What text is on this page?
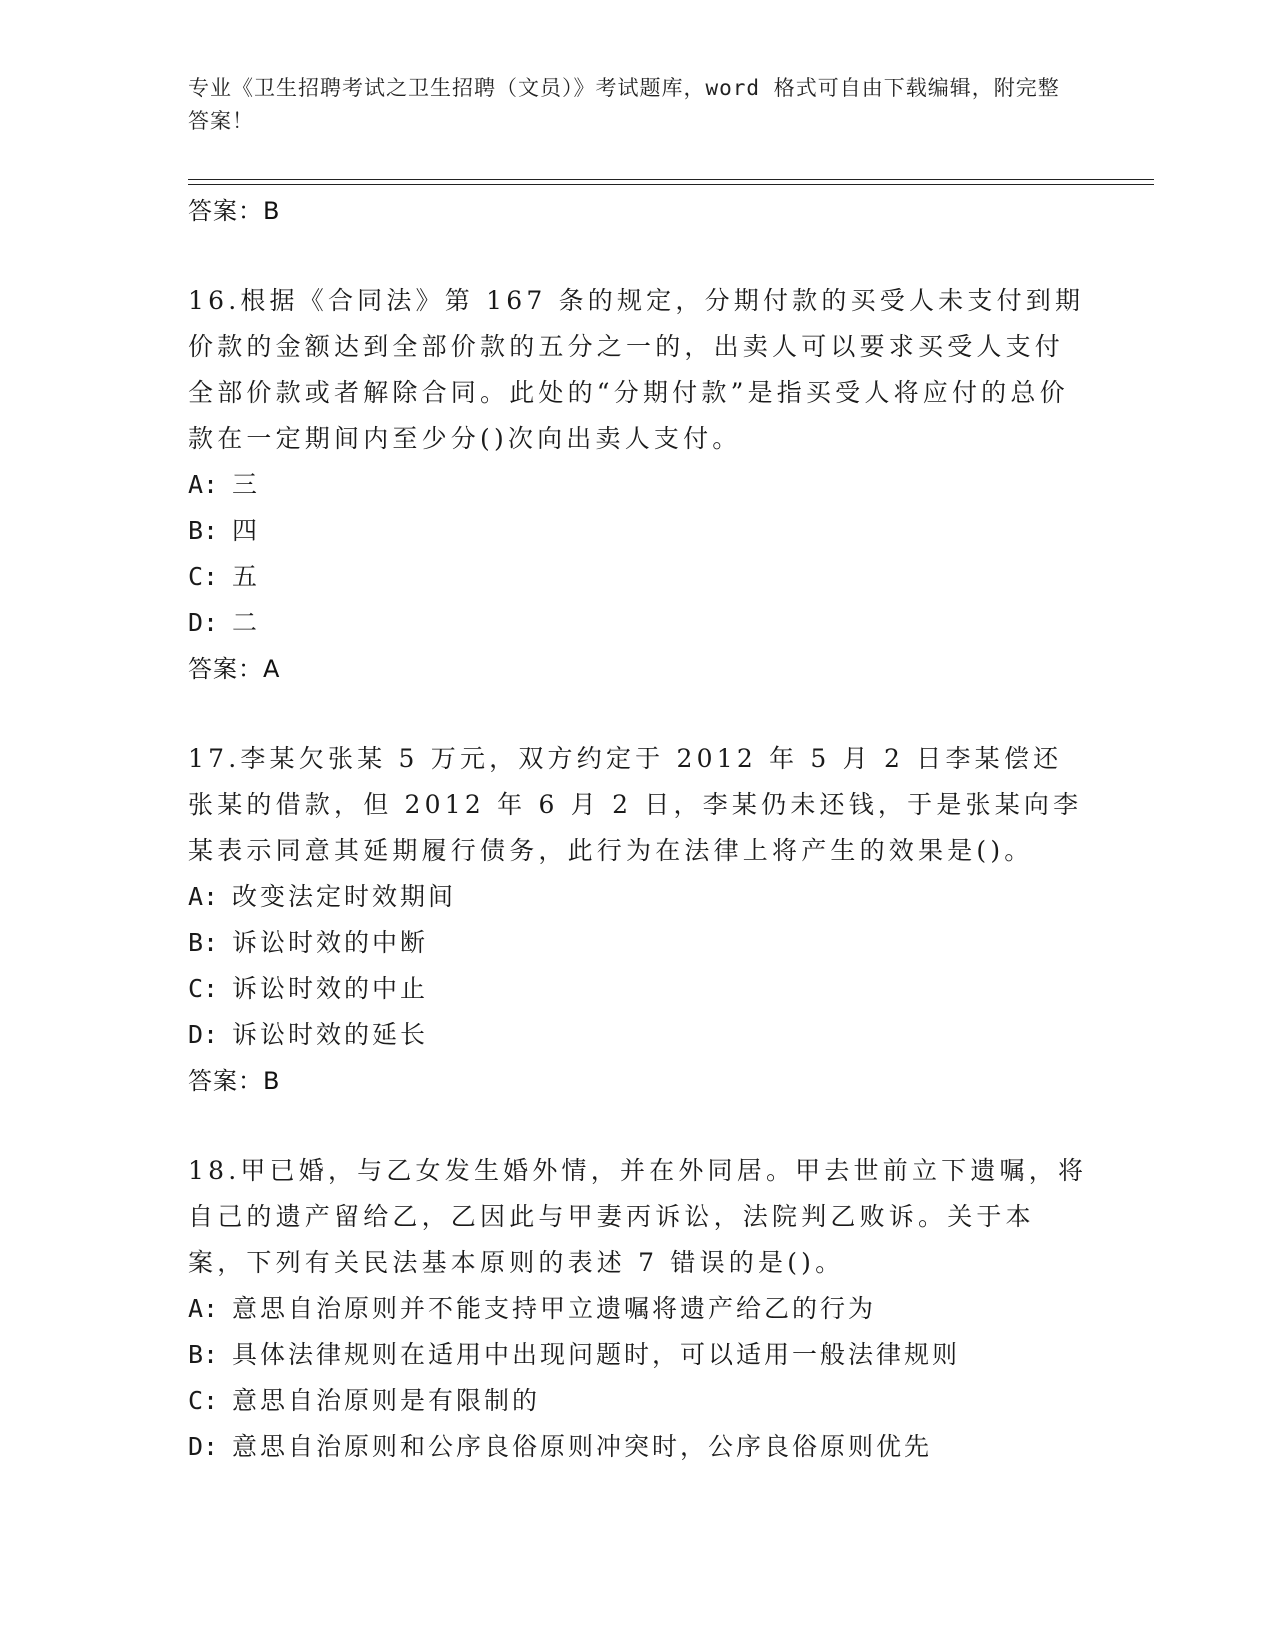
专业《卫生招聘考试之卫生招聘（文员）》考试题库，word 格式可自由下载编辑，附完整答案！
答案：B

16.根据《合同法》第 167 条的规定，分期付款的买受人未支付到期价款的金额达到全部价款的五分之一的，出卖人可以要求买受人支付全部价款或者解除合同。此处的“分期付款”是指买受人将应付的总价款在一定期间内至少分()次向出卖人支付。

A: 三
B: 四
C: 五
D: 二
答案：A

17.李某欠张某 5 万元，双方约定于 2012 年 5 月 2 日李某偿还张某的借款，但 2012 年 6 月 2 日，李某仍未还钱，于是张某向李某表示同意其延期履行债务，此行为在法律上将产生的效果是()。

A: 改变法定时效期间
B: 诉讼时效的中断
C: 诉讼时效的中止
D: 诉讼时效的延长
答案：B

18.甲已婚，与乙女发生婚外情，并在外同居。甲去世前立下遗嘱，将自己的遗产留给乙，乙因此与甲妻丙诉讼，法院判乙败诉。关于本案，下列有关民法基本原则的表述 7 错误的是()。

A: 意思自治原则并不能支持甲立遗嘱将遗产给乙的行为
B: 具体法律规则在适用中出现问题时，可以适用一般法律规则
C: 意思自治原则是有限制的
D: 意思自治原则和公序良俗原则冲突时，公序良俗原则优先
